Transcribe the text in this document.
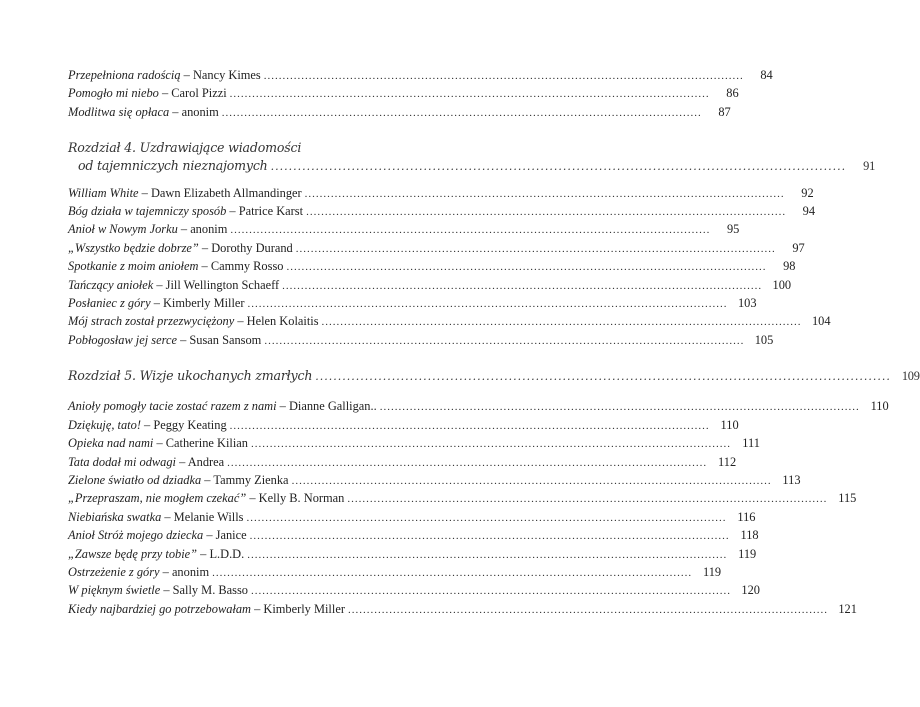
Przepełniona radością – Nancy Kimes .....	84
Pomogło mi niebo – Carol Pizzi .....	86
Modlitwa się opłaca – anonim .....	87
Rozdział 4. Uzdrawiające wiadomości
od tajemniczych nieznajomych .....	91
William White – Dawn Elizabeth Allmandinger .....	92
Bóg działa w tajemniczy sposób – Patrice Karst .....	94
Anioł w Nowym Jorku – anonim .....	95
„Wszystko będzie dobrze” – Dorothy Durand .....	97
Spotkanie z moim aniołem – Cammy Rosso .....	98
Tańczący aniołek – Jill Wellington Schaeff .....	100
Posłaniec z góry – Kimberly Miller .....	103
Mój strach został przezwyciężony – Helen Kolaitis .....	104
Pobłogosław jej serce – Susan Sansom .....	105
Rozdział 5. Wizje ukochanych zmarłych .....	109
Anioły pomogły tacie zostać razem z nami – Dianne Galligan.. .....	110
Dziękuję, tato! – Peggy Keating .....	110
Opieka nad nami – Catherine Kilian .....	111
Tata dodał mi odwagi – Andrea .....	112
Zielone światło od dziadka – Tammy Zienka .....	113
„Przepraszam, nie mogłem czekać” – Kelly B. Norman .....	115
Niebiańska swatka – Melanie Wills .....	116
Anioł Stróż mojego dziecka – Janice .....	118
„Zawsze będę przy tobie” – L.D.D. .....	119
Ostrzeżenie z góry – anonim .....	119
W pięknym świetle – Sally M. Basso .....	120
Kiedy najbardziej go potrzebowałam – Kimberly Miller .....	121
